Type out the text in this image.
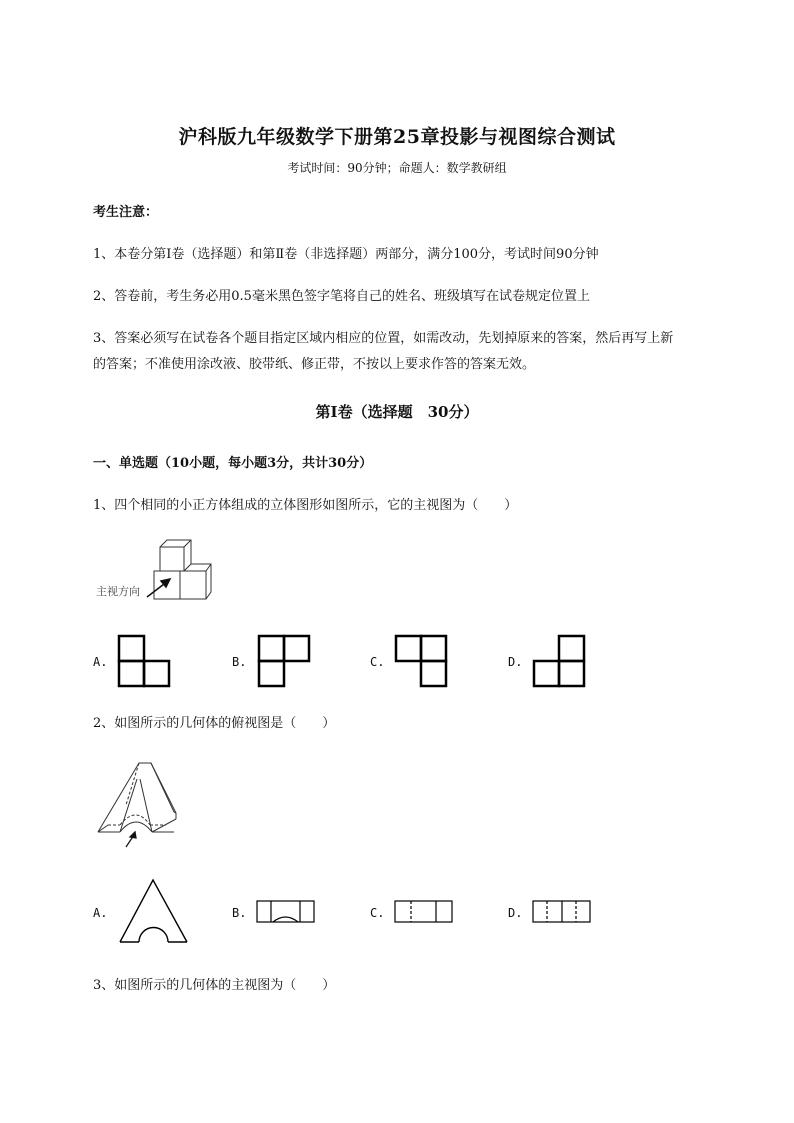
沪科版九年级数学下册第25章投影与视图综合测试
考试时间：90分钟；命题人：数学教研组
考生注意：
1、本卷分第I卷（选择题）和第Ⅱ卷（非选择题）两部分，满分100分，考试时间90分钟
2、答卷前，考生务必用0.5毫米黑色签字笔将自己的姓名、班级填写在试卷规定位置上
3、答案必须写在试卷各个题目指定区域内相应的位置，如需改动，先划掉原来的答案，然后再写上新
的答案；不准使用涂改液、胶带纸、修正带，不按以上要求作答的答案无效。
第I卷（选择题　30分）
一、单选题（10小题，每小题3分，共计30分）
1、四个相同的小正方体组成的立体图形如图所示，它的主视图为（　　）
主视方向
A.	B.	C.	D.
2、如图所示的几何体的俯视图是（　　）
A.	B.	C.	D.
3、如图所示的几何体的主视图为（　　）
